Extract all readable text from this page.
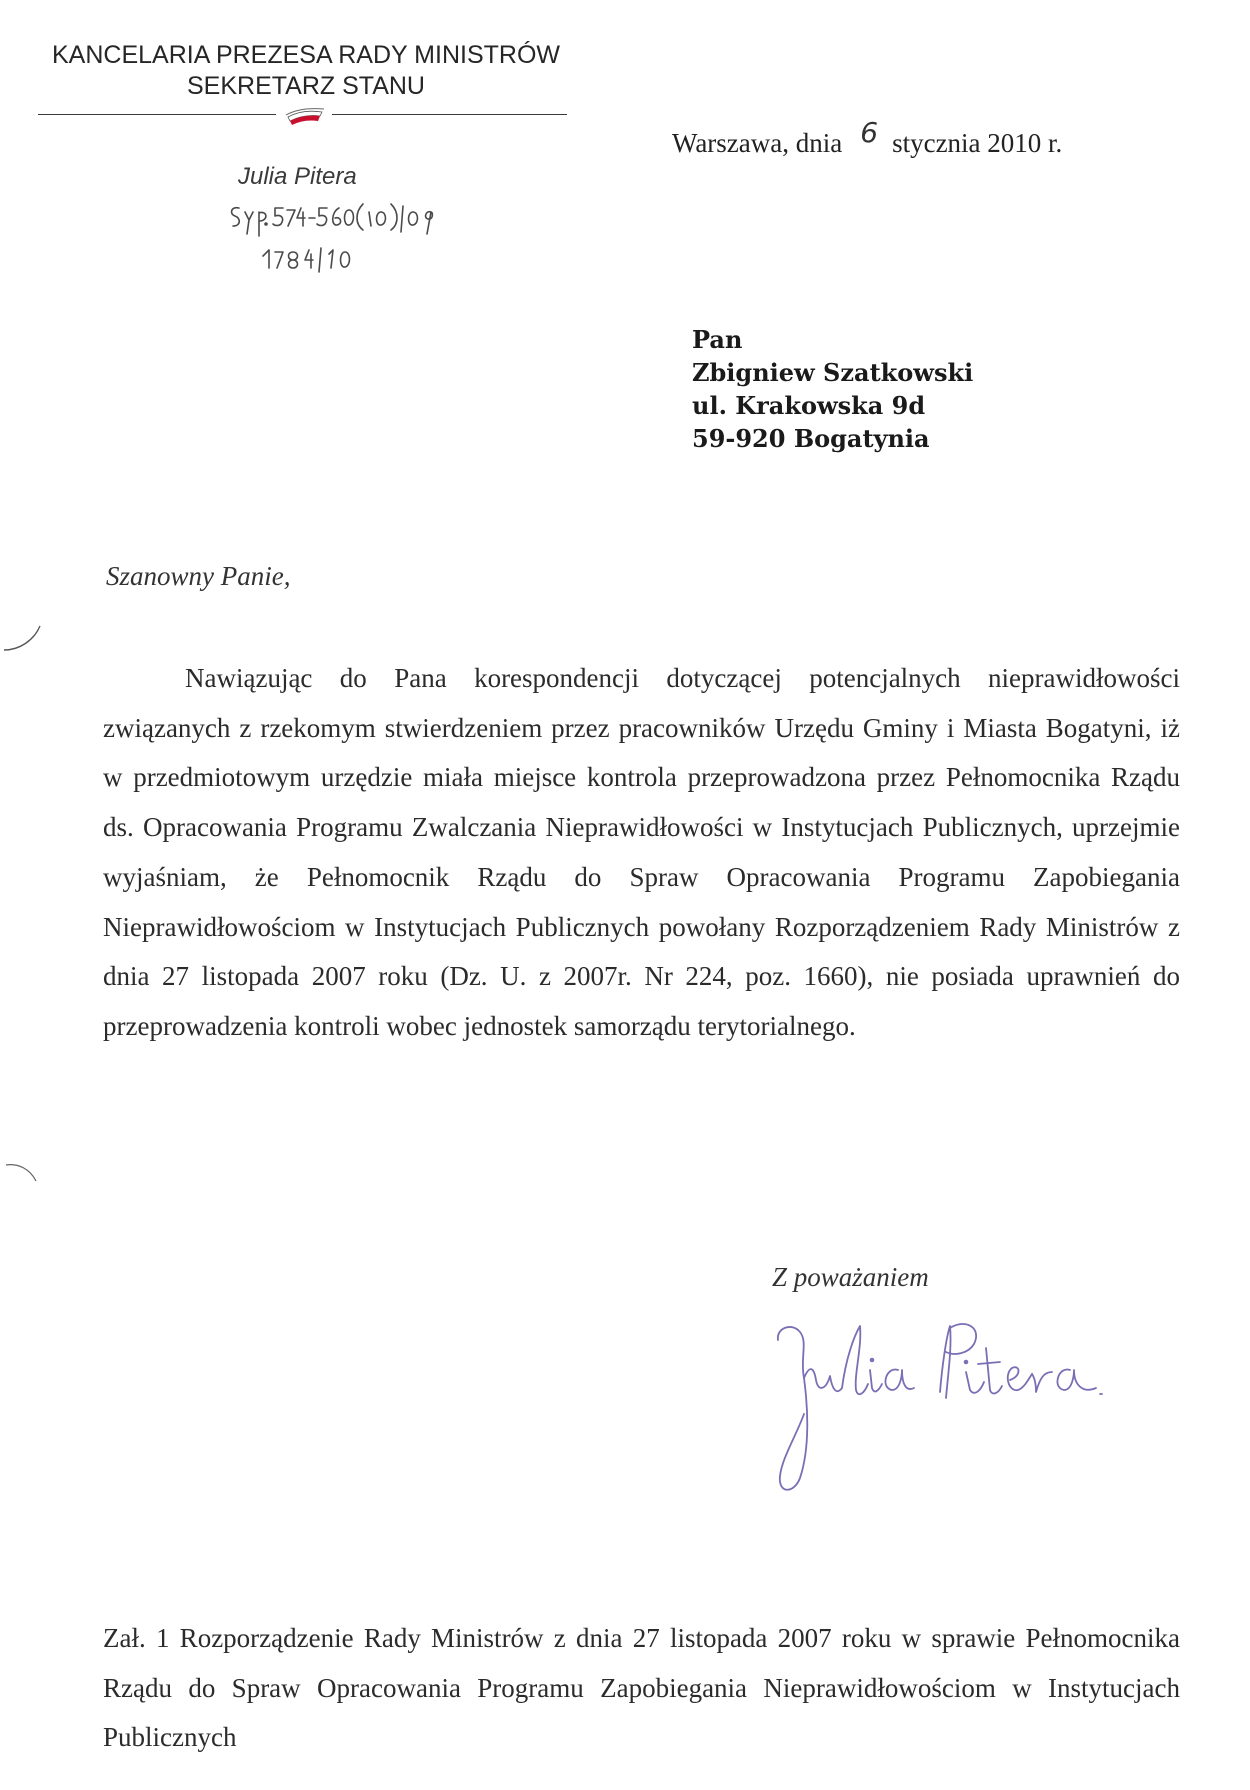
KANCELARIA PREZESA RADY MINISTRÓW
SEKRETARZ STANU
Julia Pitera
Warszawa, dnia 6 stycznia 2010 r.
Pan
Zbigniew Szatkowski
ul. Krakowska 9d
59-920 Bogatynia
Szanowny Panie,
Nawiązując do Pana korespondencji dotyczącej potencjalnych nieprawidłowości związanych z rzekomym stwierdzeniem przez pracowników Urzędu Gminy i Miasta Bogatyni, iż w przedmiotowym urzędzie miała miejsce kontrola przeprowadzona przez Pełnomocnika Rządu ds. Opracowania Programu Zwalczania Nieprawidłowości w Instytucjach Publicznych, uprzejmie wyjaśniam, że Pełnomocnik Rządu do Spraw Opracowania Programu Zapobiegania Nieprawidłowościom w Instytucjach Publicznych powołany Rozporządzeniem Rady Ministrów z dnia 27 listopada 2007 roku (Dz. U. z 2007r. Nr 224, poz. 1660), nie posiada uprawnień do przeprowadzenia kontroli wobec jednostek samorządu terytorialnego.
Z poważaniem
Zał. 1 Rozporządzenie Rady Ministrów z dnia 27 listopada 2007 roku w sprawie Pełnomocnika Rządu do Spraw Opracowania Programu Zapobiegania Nieprawidłowościom w Instytucjach Publicznych
